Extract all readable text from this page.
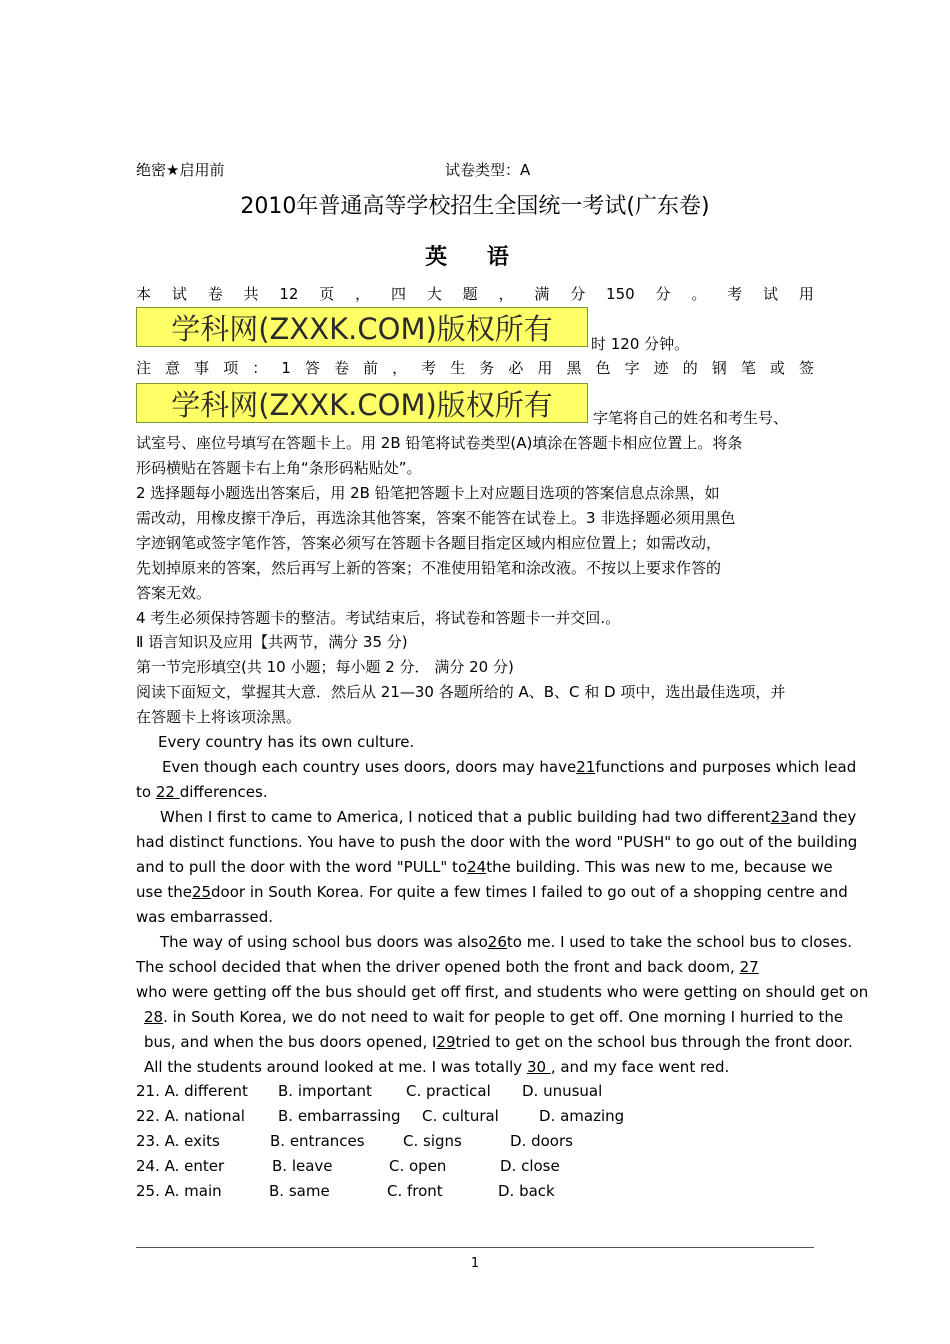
绝密★启用前	试卷类型：A
2010年普通高等学校招生全国统一考试(广东卷)
英 语
本 试 卷 共 12 页 ， 四 大 题 ， 满 分 150 分 。 考 试 用
学科网(ZXXK.COM)版权所有	时 120 分钟。
注 意 事 项 ： 1 答 卷 前 ， 考 生 务 必 用 黑 色 字 迹 的 钢 笔 或 签
学科网(ZXXK.COM)版权所有	字笔将自己的姓名和考生号、
试室号、座位号填写在答题卡上。用 2B 铅笔将试卷类型(A)填涂在答题卡相应位置上。将条
形码横贴在答题卡右上角“条形码粘贴处”。
2 选择题每小题选出答案后，用 2B 铅笔把答题卡上对应题目选项的答案信息点涂黑，如
需改动，用橡皮擦干净后，再选涂其他答案，答案不能答在试卷上。3 非选择题必须用黑色
字迹钢笔或签字笔作答，答案必须写在答题卡各题目指定区域内相应位置上；如需改动，
先划掉原来的答案，然后再写上新的答案；不准使用铅笔和涂改液。不按以上要求作答的
答案无效。
4 考生必须保持答题卡的整洁。考试结束后，将试卷和答题卡一并交回.。
Ⅱ 语言知识及应用【共两节，满分 35 分)
第一节完形填空(共 10 小题；每小题 2 分． 满分 20 分)
阅读下面短文，掌握其大意．然后从 21—30 各题所给的 A、B、C 和 D 项中，选出最佳选项，并
在答题卡上将该项涂黑。
Every country has its own culture.
Even though each country uses doors, doors may have 21 functions and purposes which lead
to 22 differences.
When I first to came to America, I noticed that a public building had two different 23 and they
had distinct functions. You have to push the door with the word "PUSH" to go out of the building
and to pull the door with the word "PULL" to 24 the building. This was new to me, because we
use the 25 door in South Korea. For quite a few times I failed to go out of a shopping centre and
was embarrassed.
The way of using school bus doors was also 26 to me. I used to take the school bus to closes.
The school decided that when the driver opened both the front and back doom, 27
who were getting off the bus should get off first, and students who were getting on should get on
28 . in South Korea, we do not need to wait for people to get off. One morning I hurried to the
bus, and when the bus doors opened, I 29 tried to get on the school bus through the front door.
All the students around looked at me. I was totally 30 , and my face went red.
21. A. different B. important C. practical D. unusual
22. A. national B. embarrassing C. cultural	D. amazing
23. A. exits	B. entrances	C. signs	D. doors
24. A. enter	B. leave	C. open	D. close
25. A. main	B. same	C. front	D. back
1
